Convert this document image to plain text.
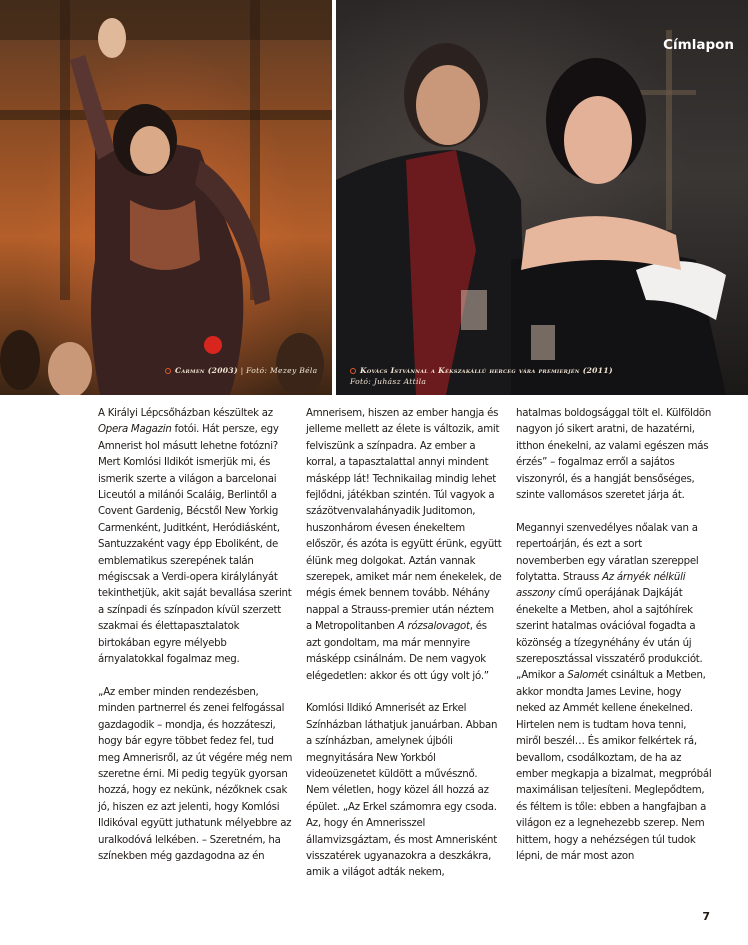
Carmen (2003) | Fotó: Mezey Béla
Címlapon
Kovács Istvánnal a Kékszakállú herceg vára premierjén (2011)
Fotó: Juhász Attila

A Királyi Lépcsőházban készültek az Opera Magazin fotói. Hát persze, egy Amnerist hol másutt lehetne fotózni? Mert Komlósi Ildikót ismerjük mi, és ismerik szerte a világon a barcelonai Liceutól a milánói Scaláig, Berlintől a Covent Gardenig, Bécstől New Yorkig Carmenként, Juditként, Heródiásként, Santuzzaként vagy épp Eboliként, de emblematikus szerepének talán mégiscsak a Verdi-opera királylányát tekinthetjük, akit saját bevallása szerint a színpadi és színpadon kívül szerzett szakmai és élettapasztalatok birtokában egyre mélyebb árnyalatokkal fogalmaz meg.

„Az ember minden rendezésben, minden partnerrel és zenei felfogással gazdagodik – mondja, és hozzáteszi, hogy bár egyre többet fedez fel, tud meg Amnerisről, az út végére még nem szeretne érni. Mi pedig tegyük gyorsan hozzá, hogy ez nekünk, nézőknek csak jó, hiszen ez azt jelenti, hogy Komlósi Ildikóval együtt juthatunk mélyebbre az uralkodóvá lelkében. – Szeretném, ha színekben még gazdagodna az én

Amnerisem, hiszen az ember hangja és jelleme mellett az élete is változik, amit felviszünk a színpadra. Az ember a korral, a tapasztalattal annyi mindent másképp lát! Technikailag mindig lehet fejlődni, játékban szintén. Túl vagyok a százötvenvalahányadik Juditomon, huszonhárom évesen énekeltem először, és azóta is együtt érünk, együtt élünk meg dolgokat. Aztán vannak szerepek, amiket már nem énekelek, de mégis émek bennem tovább. Néhány nappal a Strauss-premier után néztem a Metropolitanben A rózsalovagot, és azt gondoltam, ma már mennyire másképp csinálnám. De nem vagyok elégedetlen: akkor és ott úgy volt jó.”

Komlósi Ildikó Amnerisét az Erkel Színházban láthatjuk januárban. Abban a színházban, amelynek újbóli megnyitására New Yorkból videoüzenetet küldött a művésznő. Nem véletlen, hogy közel áll hozzá az épület. „Az Erkel számomra egy csoda. Az, hogy én Amnerisszel államvizsgáztam, és most Amnerisként visszatérek ugyanazokra a deszkákra, amik a világot adták nekem,

hatalmas boldogsággal tölt el. Külföldön nagyon jó sikert aratni, de hazatérni, itthon énekelni, az valami egészen más érzés” – fogalmaz erről a sajátos viszonyról, és a hangját bensőséges, szinte vallomásos szeretet járja át.

Megannyi szenvedélyes nőalak van a repertoárján, és ezt a sort novemberben egy váratlan szereppel folytatta. Strauss Az árnyék nélküli asszony című operájának Dajkáját énekelte a Metben, ahol a sajtóhírek szerint hatalmas ovációval fogadta a közönség a tízegynéhány év után új szereposztással visszatérő produkciót. „Amikor a Salomét csináltuk a Metben, akkor mondta James Levine, hogy neked az Ammét kellene énekelned. Hirtelen nem is tudtam hova tenni, miről beszél… És amikor felkértek rá, bevallom, csodálkoztam, de ha az ember megkapja a bizalmat, megpróbál maximálisan teljesíteni. Meglepődtem, és féltem is tőle: ebben a hangfajban a világon ez a legnehezebb szerep. Nem hittem, hogy a nehézségen túl tudok lépni, de már most azon

7
